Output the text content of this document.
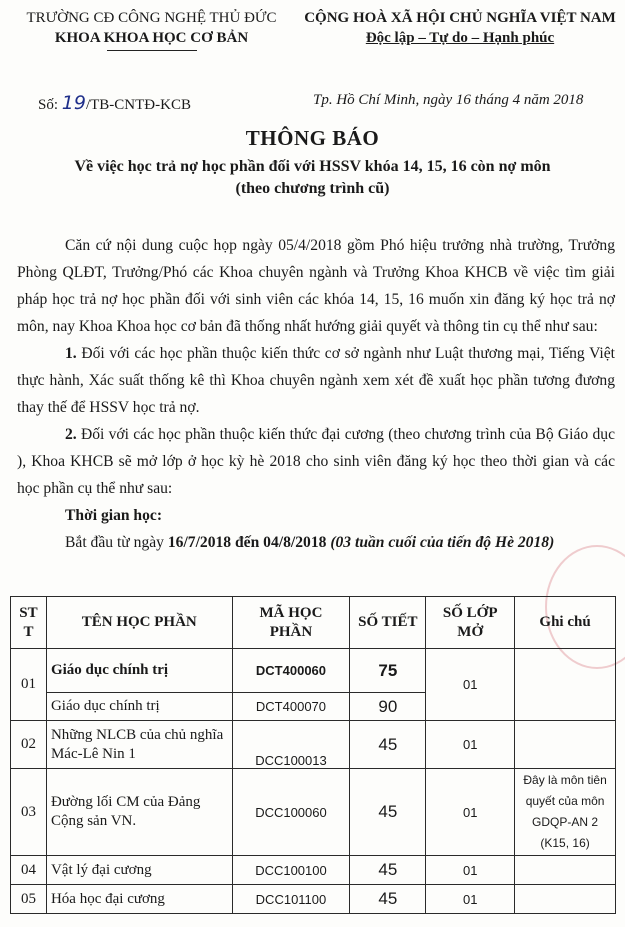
TRƯỜNG CĐ CÔNG NGHỆ THỦ ĐỨC
KHOA KHOA HỌC CƠ BẢN
CỘNG HOÀ XÃ HỘI CHỦ NGHĨA VIỆT NAM
Độc lập – Tự do – Hạnh phúc
Số: 19/TB-CNTĐ-KCB	Tp. Hồ Chí Minh, ngày 16 tháng 4 năm 2018
THÔNG BÁO
Về việc học trả nợ học phần đối với HSSV khóa 14, 15, 16 còn nợ môn
(theo chương trình cũ)

Căn cứ nội dung cuộc họp ngày 05/4/2018 gồm Phó hiệu trưởng nhà trường, Trưởng Phòng QLĐT, Trưởng/Phó các Khoa chuyên ngành và Trưởng Khoa KHCB về việc tìm giải pháp học trả nợ học phần đối với sinh viên các khóa 14, 15, 16 muốn xin đăng ký học trả nợ môn, nay Khoa Khoa học cơ bản đã thống nhất hướng giải quyết và thông tin cụ thể như sau:

1. Đối với các học phần thuộc kiến thức cơ sở ngành như Luật thương mại, Tiếng Việt thực hành, Xác suất thống kê thì Khoa chuyên ngành xem xét đề xuất học phần tương đương thay thế để HSSV học trả nợ.

2. Đối với các học phần thuộc kiến thức đại cương (theo chương trình của Bộ Giáo dục ), Khoa KHCB sẽ mở lớp ở học kỳ hè 2018 cho sinh viên đăng ký học theo thời gian và các học phần cụ thể như sau:

Thời gian học:

Bắt đầu từ ngày 16/7/2018 đến 04/8/2018 (03 tuần cuối của tiến độ Hè 2018)

ST T	TÊN HỌC PHẦN	MÃ HỌC PHẦN	SỐ TIẾT	SỐ LỚP MỞ	Ghi chú
01	Giáo dục chính trị	DCT400060	75	01	
	Giáo dục chính trị	DCT400070	90		
02	Những NLCB của chủ nghĩa Mác-Lê Nin 1	DCC100013	45	01	
03	Đường lối CM của Đảng Cộng sản VN.	DCC100060	45	01	Đây là môn tiên quyết của môn GDQP-AN 2 (K15, 16)
04	Vật lý đại cương	DCC100100	45	01	
05	Hóa học đại cương	DCC101100	45	01	
